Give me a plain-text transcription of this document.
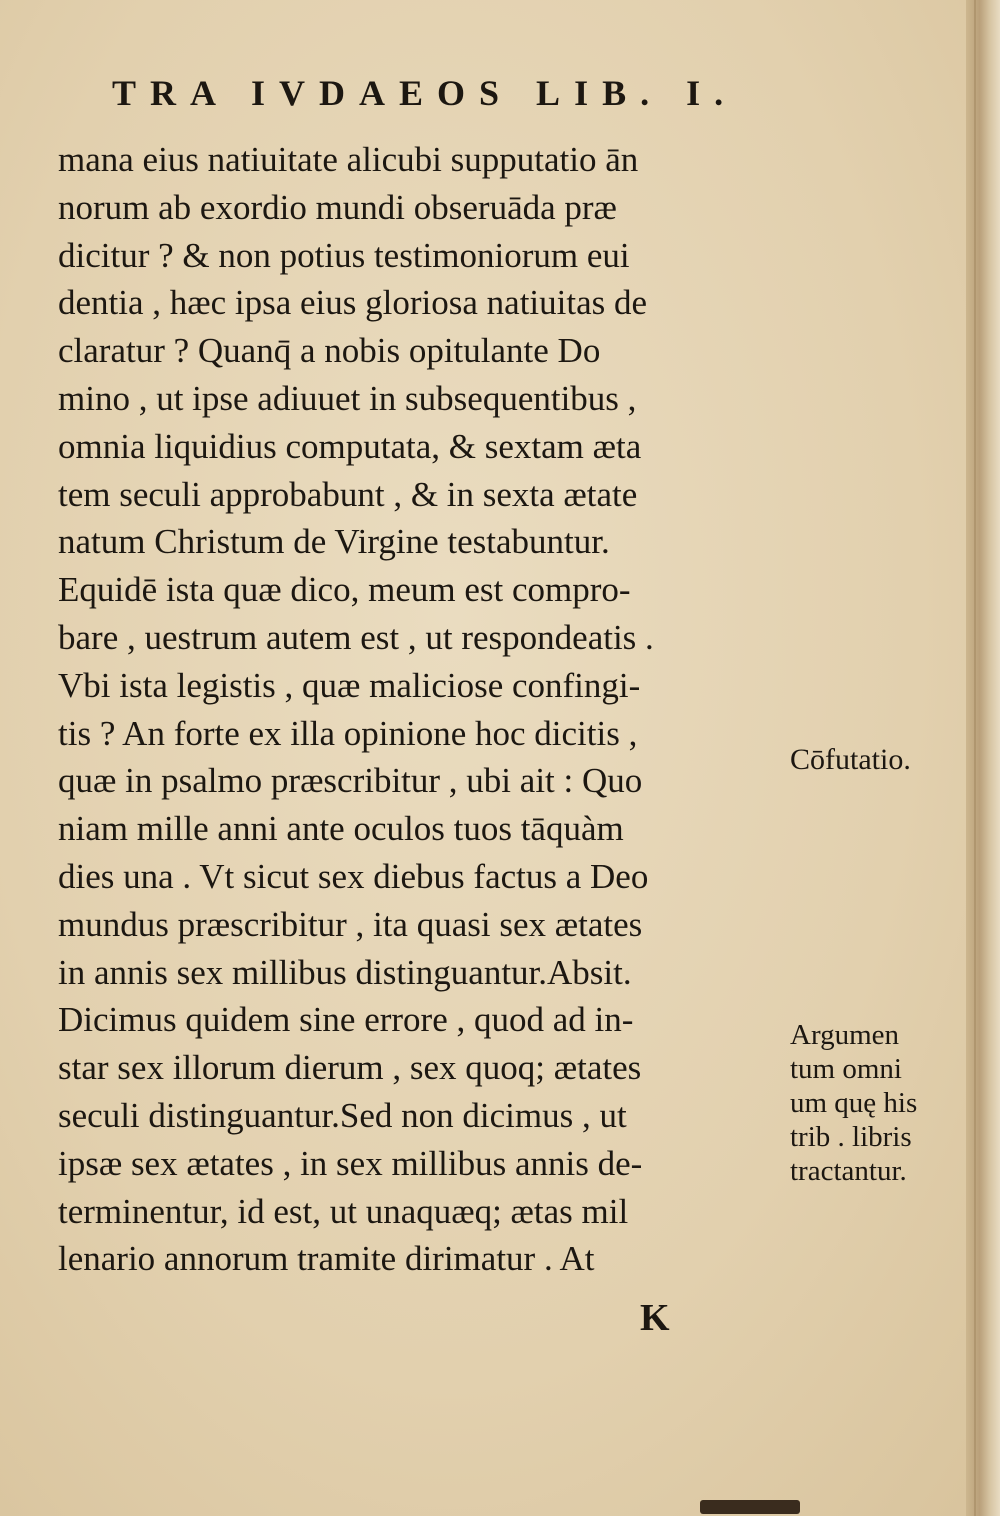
TRA IVDAEOS LIB. I.
mana eius natiuitate alicubi supputatio ān
norum ab exordio mundi obseruāda præ
dicitur ? & non potius testimoniorum eui
dentia , hæc ipsa eius gloriosa natiuitas de
claratur ? Quanq̄ a nobis opitulante Do
mino , ut ipse adiuuet in subsequentibus ,
omnia liquidius computata, & sextam æta
tem seculi approbabunt , & in sexta ætate
natum Christum de Virgine testabuntur.
Equidē ista quæ dico, meum est compro-
bare , uestrum autem est , ut respondeatis .
Vbi ista legistis , quæ maliciose confingi-
tis ? An forte ex illa opinione hoc dicitis ,
quæ in psalmo præscribitur , ubi ait : Quo
niam mille anni ante oculos tuos tāquàm
dies una . Vt sicut sex diebus factus a Deo
mundus præscribitur , ita quasi sex ætates
in annis sex millibus distinguantur.Absit.
Dicimus quidem sine errore , quod ad in-
star sex illorum dierum , sex quoq; ætates
seculi distinguantur.Sed non dicimus , ut
ipsæ sex ætates , in sex millibus annis de-
terminentur, id est, ut unaquæq; ætas mil
lenario annorum tramite dirimatur . At
Cōfutatio.
Argumen
tum omni
um quę his
trib . libris
tractantur.
K
